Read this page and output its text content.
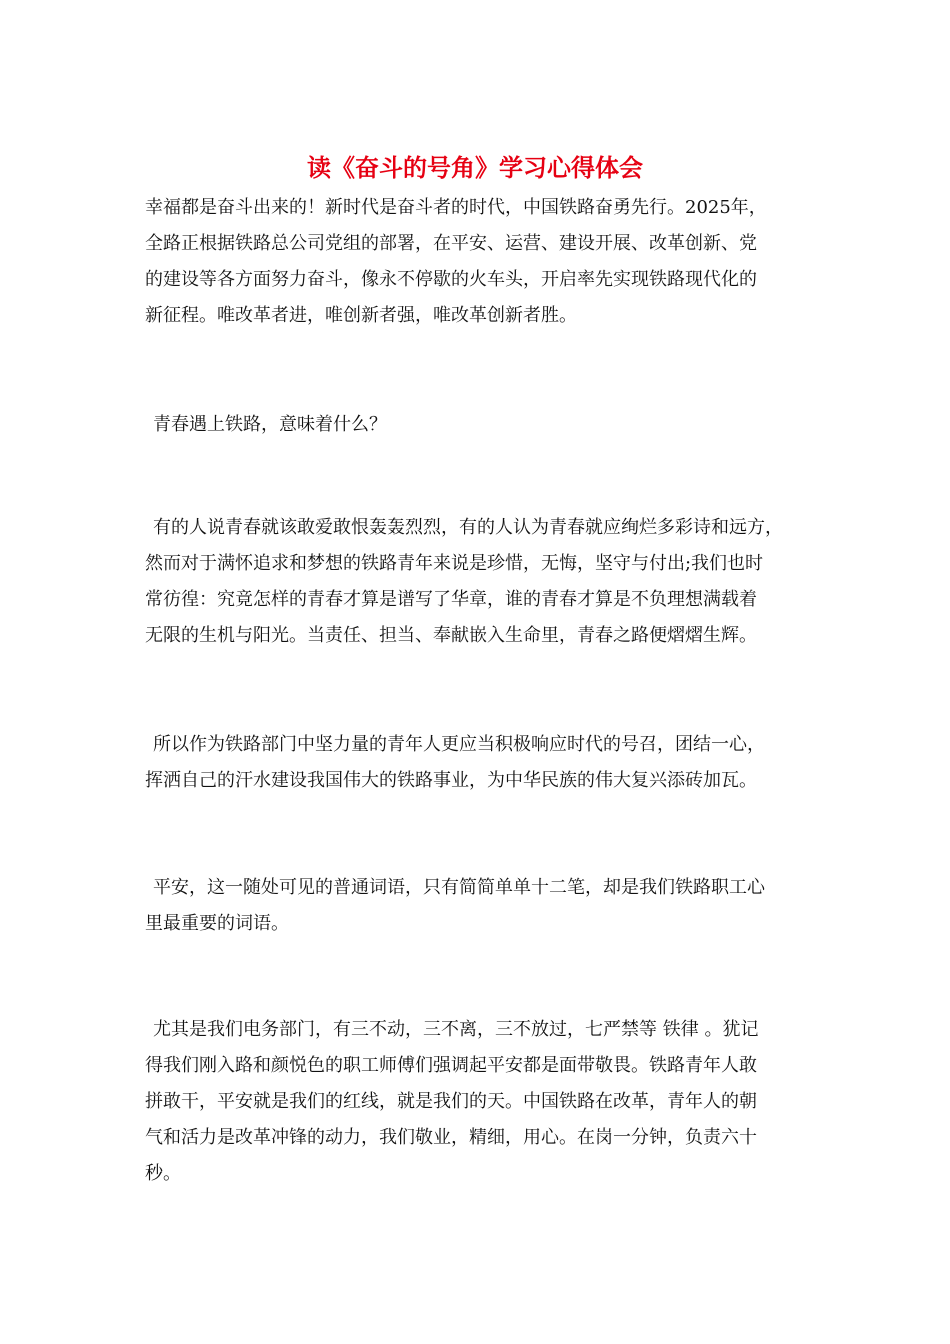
读《奋斗的号角》学习心得体会

幸福都是奋斗出来的！新时代是奋斗者的时代，中国铁路奋勇先行。2025年，
全路正根据铁路总公司党组的部署，在平安、运营、建设开展、改革创新、党
的建设等各方面努力奋斗，像永不停歇的火车头，开启率先实现铁路现代化的
新征程。唯改革者进，唯创新者强，唯改革创新者胜。

青春遇上铁路，意味着什么？

有的人说青春就该敢爱敢恨轰轰烈烈，有的人认为青春就应绚烂多彩诗和远方，
然而对于满怀追求和梦想的铁路青年来说是珍惜，无悔，坚守与付出;我们也时
常彷徨：究竟怎样的青春才算是谱写了华章，谁的青春才算是不负理想满载着
无限的生机与阳光。当责任、担当、奉献嵌入生命里，青春之路便熠熠生辉。

所以作为铁路部门中坚力量的青年人更应当积极响应时代的号召，团结一心，
挥洒自己的汗水建设我国伟大的铁路事业，为中华民族的伟大复兴添砖加瓦。

平安，这一随处可见的普通词语，只有简简单单十二笔，却是我们铁路职工心
里最重要的词语。

尤其是我们电务部门，有三不动，三不离，三不放过，七严禁等 铁律 。犹记
得我们刚入路和颜悦色的职工师傅们强调起平安都是面带敬畏。铁路青年人敢
拼敢干，平安就是我们的红线，就是我们的天。中国铁路在改革，青年人的朝
气和活力是改革冲锋的动力，我们敬业，精细，用心。在岗一分钟，负责六十
秒。
